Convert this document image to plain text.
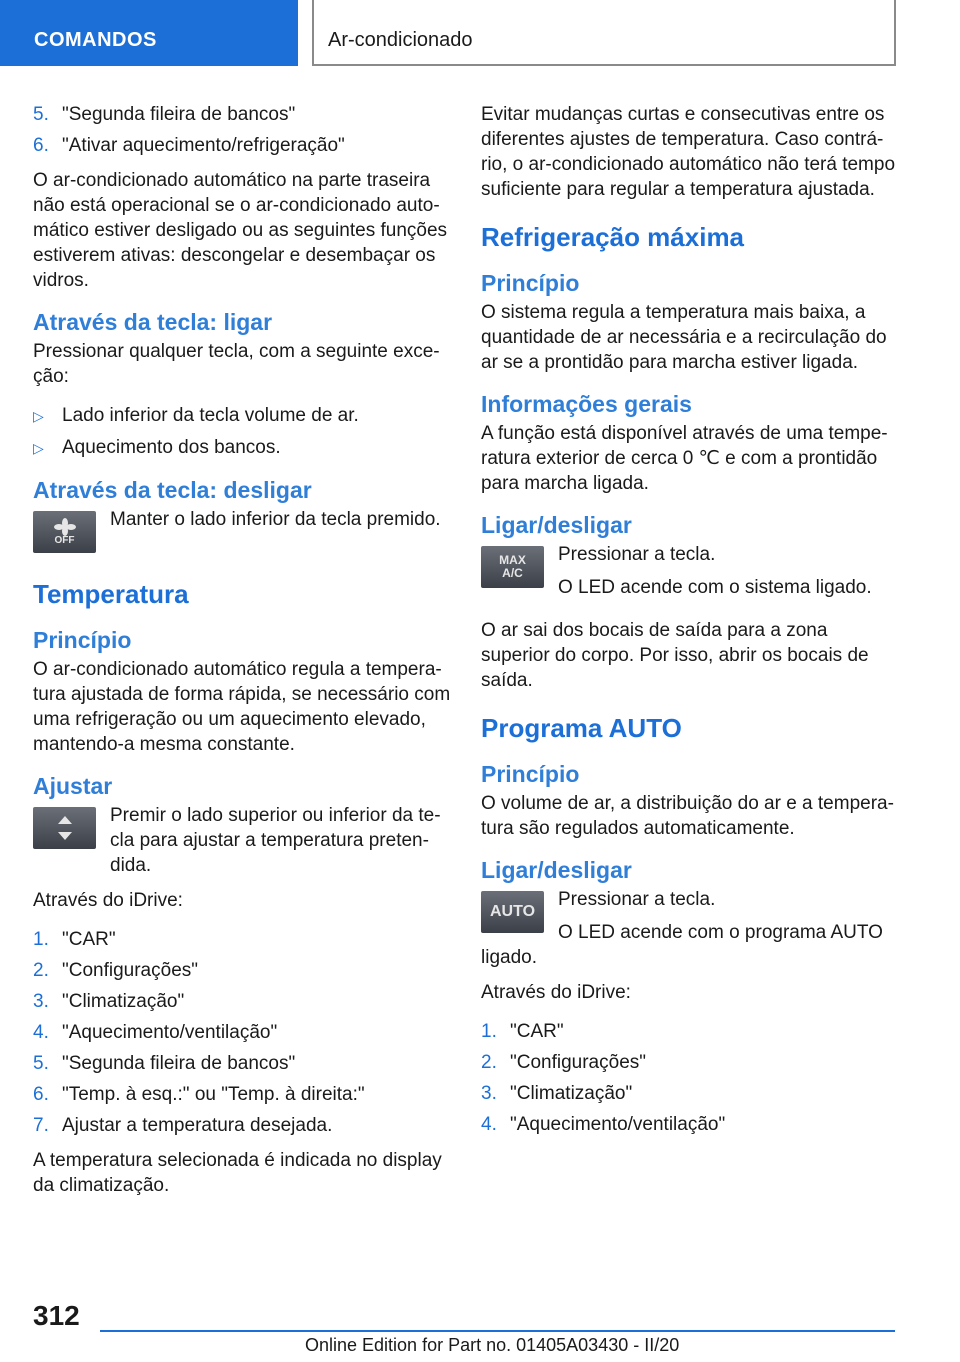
COMANDOS	Ar-condicionado
5. "Segunda fileira de bancos"
6. "Ativar aquecimento/refrigeração"

O ar-condicionado automático na parte traseira não está operacional se o ar-condicionado auto-mático estiver desligado ou as seguintes funções estiverem ativas: descongelar e desembaçar os vidros.

Através da tecla: ligar

Pressionar qualquer tecla, com a seguinte exce-ção:

▷ Lado inferior da tecla volume de ar.
▷ Aquecimento dos bancos.
Através da tecla: desligar
OFF

Manter o lado inferior da tecla premido.

Temperatura
Princípio

O ar-condicionado automático regula a tempera-tura ajustada de forma rápida, se necessário com uma refrigeração ou um aquecimento elevado, mantendo-a mesma constante.

Ajustar

Premir o lado superior ou inferior da te-cla para ajustar a temperatura preten-dida.

Através do iDrive:

1. "CAR"
2. "Configurações"
3. "Climatização"
4. "Aquecimento/ventilação"
5. "Segunda fileira de bancos"
6. "Temp. à esq.:" ou "Temp. à direita:"
7. Ajustar a temperatura desejada.

A temperatura selecionada é indicada no display da climatização.

Evitar mudanças curtas e consecutivas entre os diferentes ajustes de temperatura. Caso contrá-rio, o ar-condicionado automático não terá tempo suficiente para regular a temperatura ajustada.

Refrigeração máxima
Princípio

O sistema regula a temperatura mais baixa, a quantidade de ar necessária e a recirculação do ar se a prontidão para marcha estiver ligada.

Informações gerais

A função está disponível através de uma tempe-ratura exterior de cerca 0 ℃ e com a prontidão para marcha ligada.

Ligar/desligar
MAX A/C

Pressionar a tecla.

O LED acende com o sistema ligado.

O ar sai dos bocais de saída para a zona superior do corpo. Por isso, abrir os bocais de saída.

Programa AUTO
Princípio

O volume de ar, a distribuição do ar e a tempera-tura são regulados automaticamente.

Ligar/desligar
AUTO

Pressionar a tecla.

O LED acende com o programa AUTO ligado.

Através do iDrive:

1. "CAR"
2. "Configurações"
3. "Climatização"
4. "Aquecimento/ventilação"
312
Online Edition for Part no. 01405A03430 - II/20
